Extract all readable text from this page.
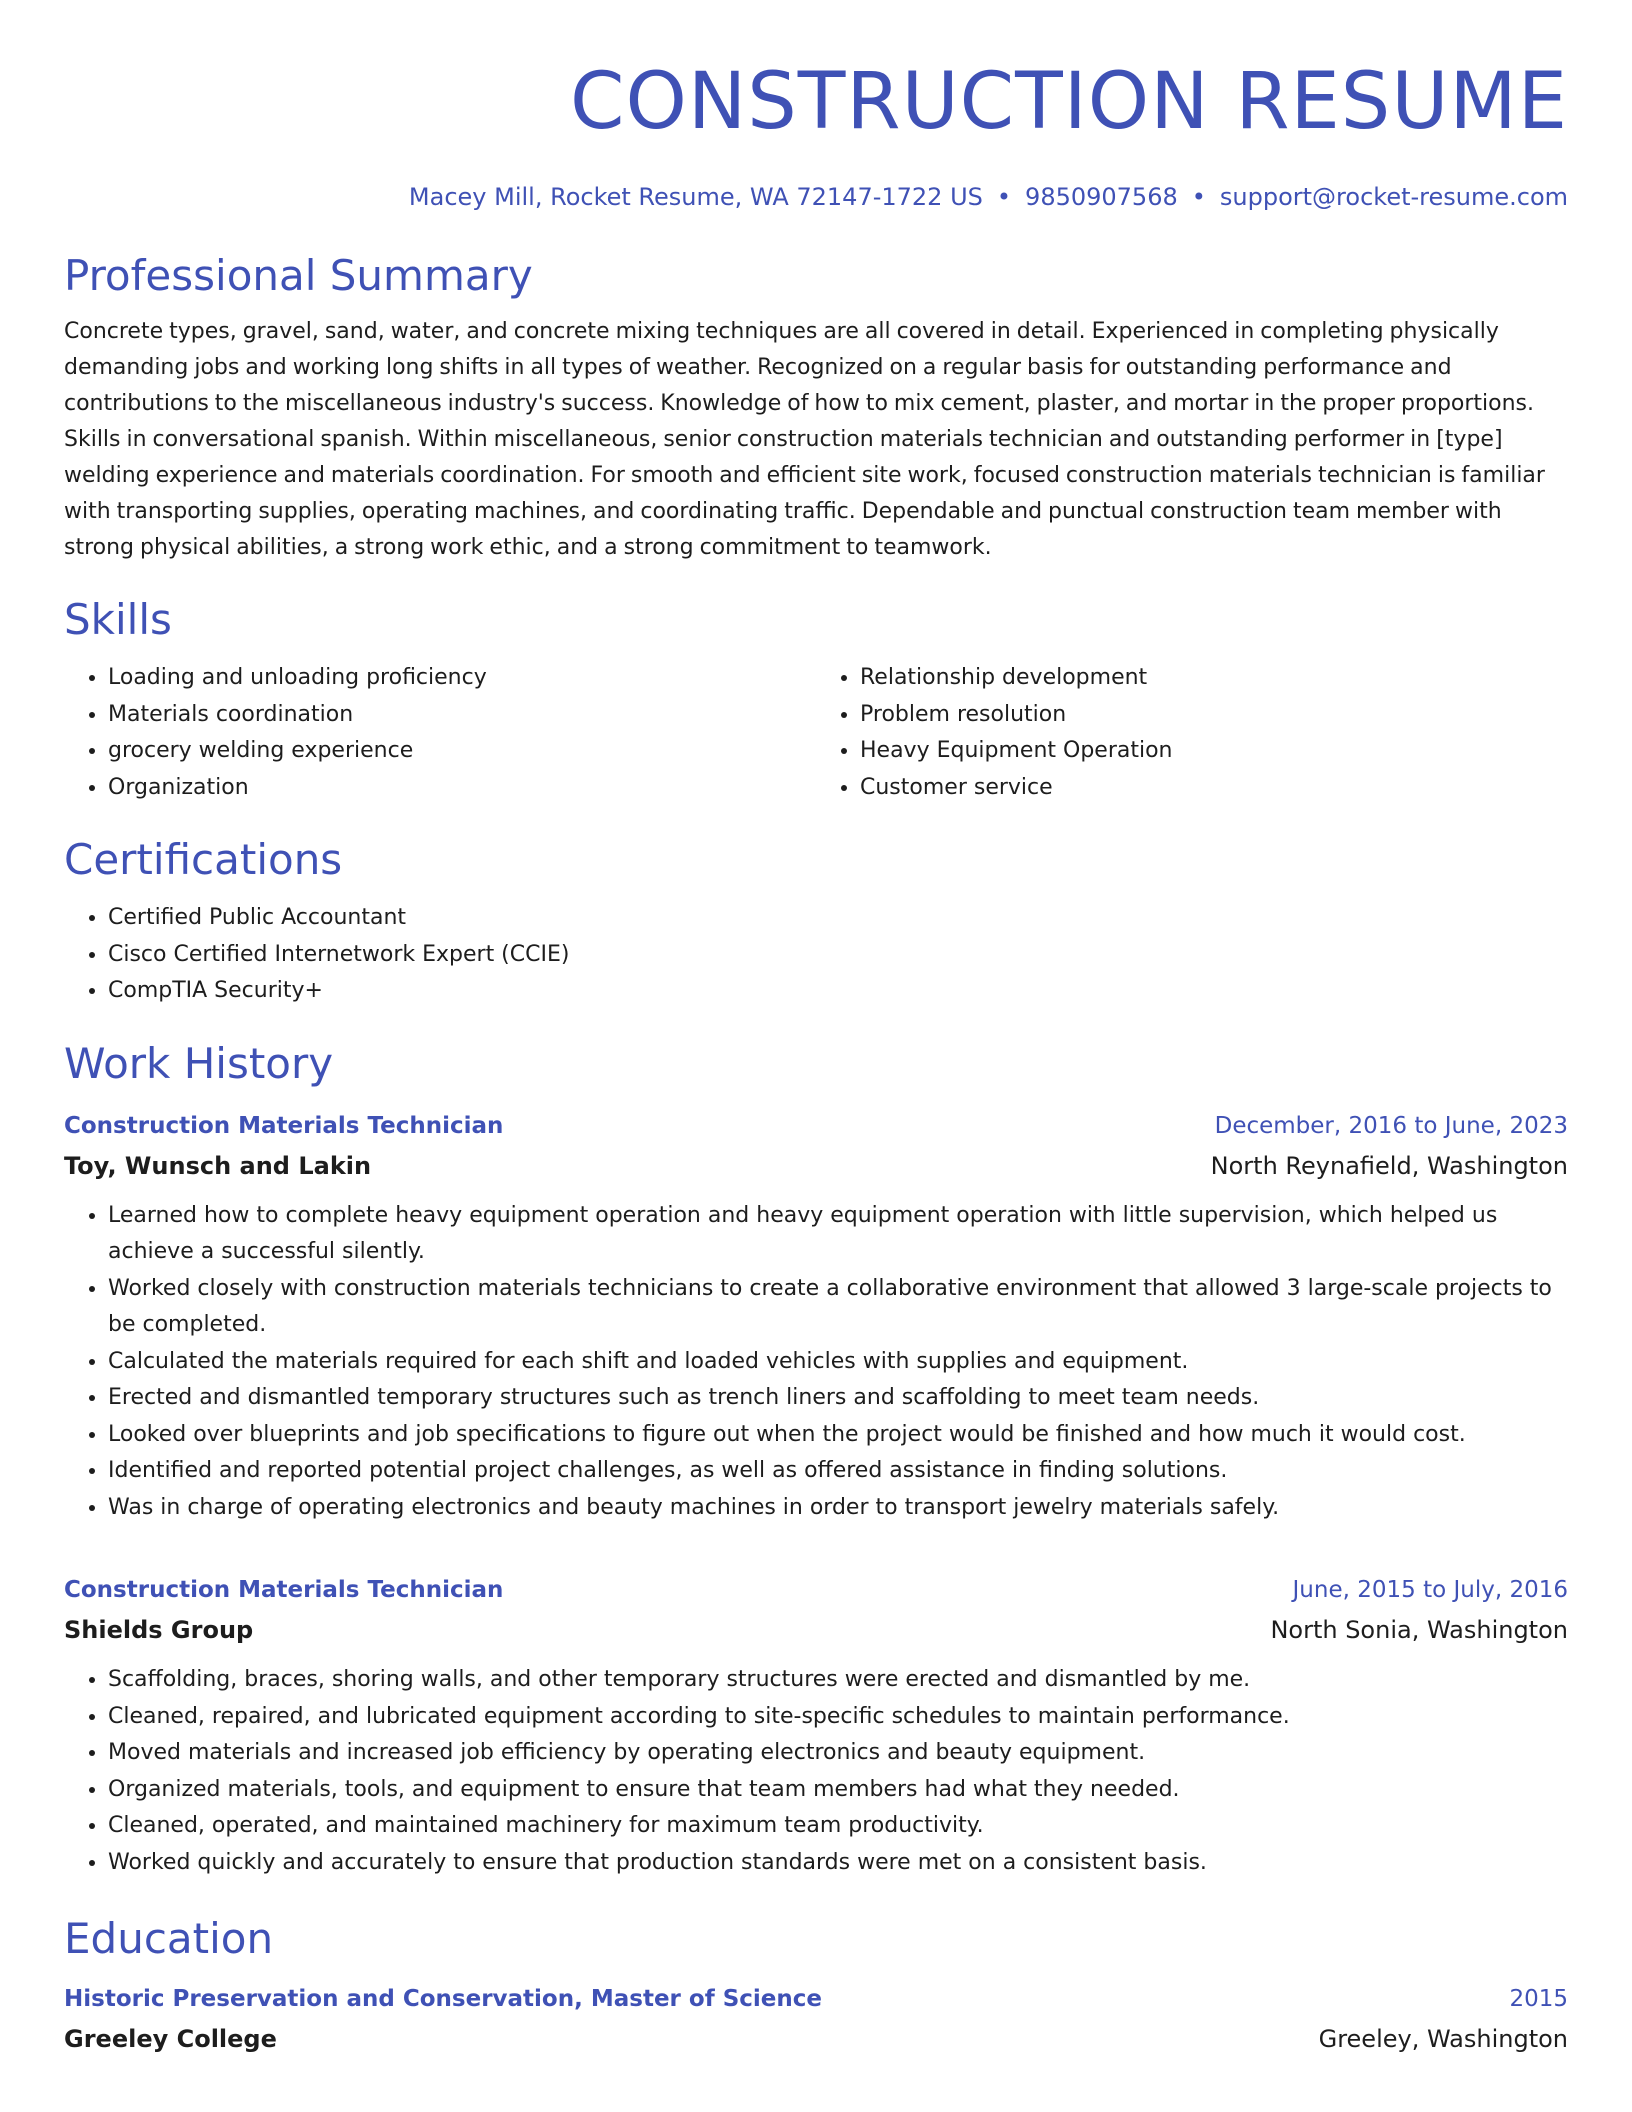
CONSTRUCTION RESUME
Macey Mill, Rocket Resume, WA 72147-1722 US • 9850907568 • support@rocket-resume.com
Professional Summary
Concrete types, gravel, sand, water, and concrete mixing techniques are all covered in detail. Experienced in completing physically demanding jobs and working long shifts in all types of weather. Recognized on a regular basis for outstanding performance and contributions to the miscellaneous industry's success. Knowledge of how to mix cement, plaster, and mortar in the proper proportions. Skills in conversational spanish. Within miscellaneous, senior construction materials technician and outstanding performer in [type] welding experience and materials coordination. For smooth and efficient site work, focused construction materials technician is familiar with transporting supplies, operating machines, and coordinating traffic. Dependable and punctual construction team member with strong physical abilities, a strong work ethic, and a strong commitment to teamwork.
Skills
• Loading and unloading proficiency
• Materials coordination
• grocery welding experience
• Organization
• Relationship development
• Problem resolution
• Heavy Equipment Operation
• Customer service
Certifications
• Certified Public Accountant
• Cisco Certified Internetwork Expert (CCIE)
• CompTIA Security+
Work History
Construction Materials Technician	December, 2016 to June, 2023
Toy, Wunsch and Lakin	North Reynafield, Washington
• Learned how to complete heavy equipment operation and heavy equipment operation with little supervision, which helped us achieve a successful silently.
• Worked closely with construction materials technicians to create a collaborative environment that allowed 3 large-scale projects to be completed.
• Calculated the materials required for each shift and loaded vehicles with supplies and equipment.
• Erected and dismantled temporary structures such as trench liners and scaffolding to meet team needs.
• Looked over blueprints and job specifications to figure out when the project would be finished and how much it would cost.
• Identified and reported potential project challenges, as well as offered assistance in finding solutions.
• Was in charge of operating electronics and beauty machines in order to transport jewelry materials safely.
Construction Materials Technician	June, 2015 to July, 2016
Shields Group	North Sonia, Washington
• Scaffolding, braces, shoring walls, and other temporary structures were erected and dismantled by me.
• Cleaned, repaired, and lubricated equipment according to site-specific schedules to maintain performance.
• Moved materials and increased job efficiency by operating electronics and beauty equipment.
• Organized materials, tools, and equipment to ensure that team members had what they needed.
• Cleaned, operated, and maintained machinery for maximum team productivity.
• Worked quickly and accurately to ensure that production standards were met on a consistent basis.
Education
Historic Preservation and Conservation, Master of Science	2015
Greeley College	Greeley, Washington
